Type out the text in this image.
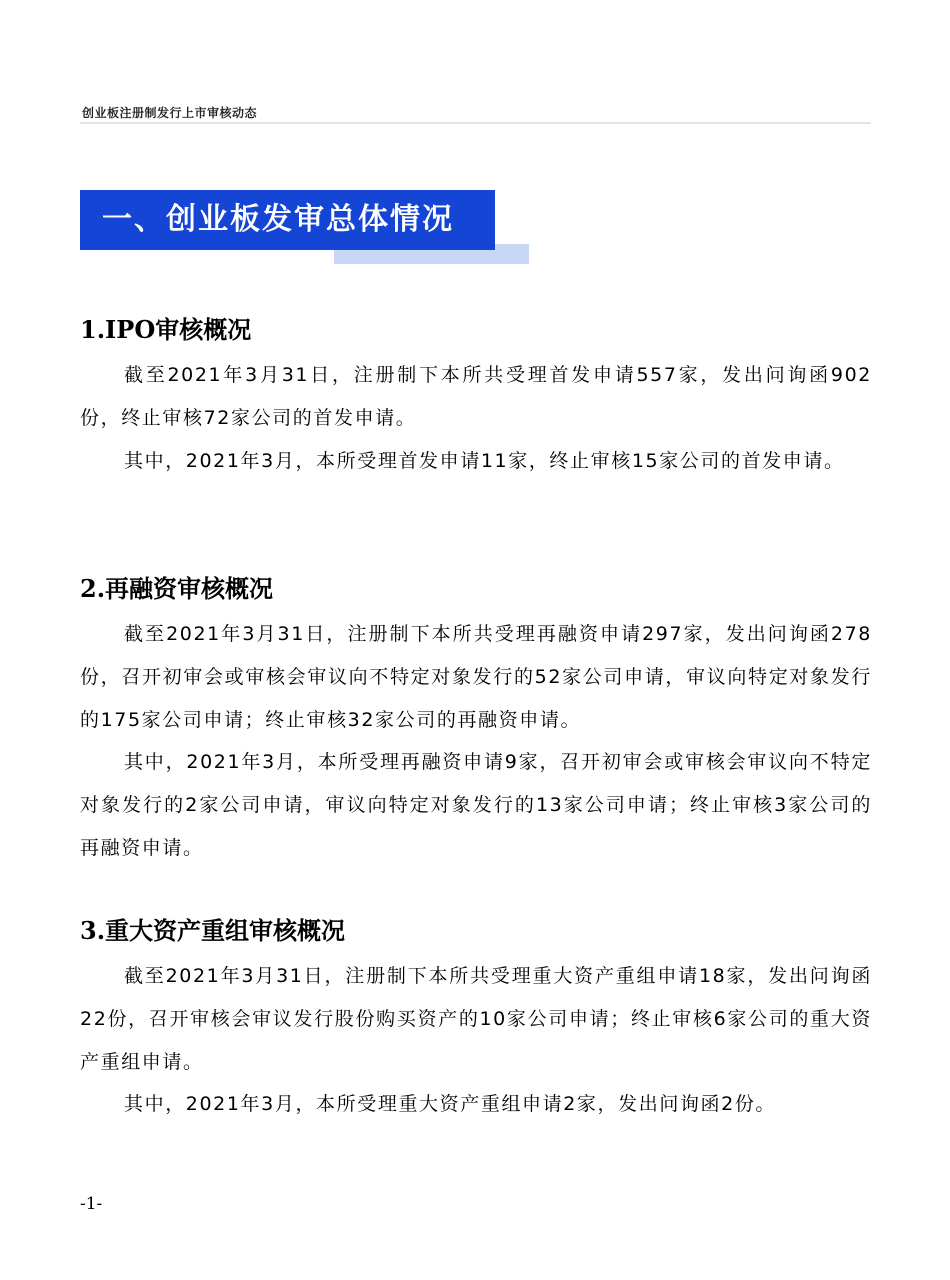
创业板注册制发行上市审核动态
一、创业板发审总体情况
1.IPO审核概况

截至2021年3月31日，注册制下本所共受理首发申请557家，发出问询函902份，终止审核72家公司的首发申请。

其中，2021年3月，本所受理首发申请11家，终止审核15家公司的首发申请。

2.再融资审核概况

截至2021年3月31日，注册制下本所共受理再融资申请297家，发出问询函278份，召开初审会或审核会审议向不特定对象发行的52家公司申请，审议向特定对象发行的175家公司申请；终止审核32家公司的再融资申请。

其中，2021年3月，本所受理再融资申请9家，召开初审会或审核会审议向不特定对象发行的2家公司申请，审议向特定对象发行的13家公司申请；终止审核3家公司的再融资申请。

3.重大资产重组审核概况

截至2021年3月31日，注册制下本所共受理重大资产重组申请18家，发出问询函22份，召开审核会审议发行股份购买资产的10家公司申请；终止审核6家公司的重大资产重组申请。

其中，2021年3月，本所受理重大资产重组申请2家，发出问询函2份。

-1-
